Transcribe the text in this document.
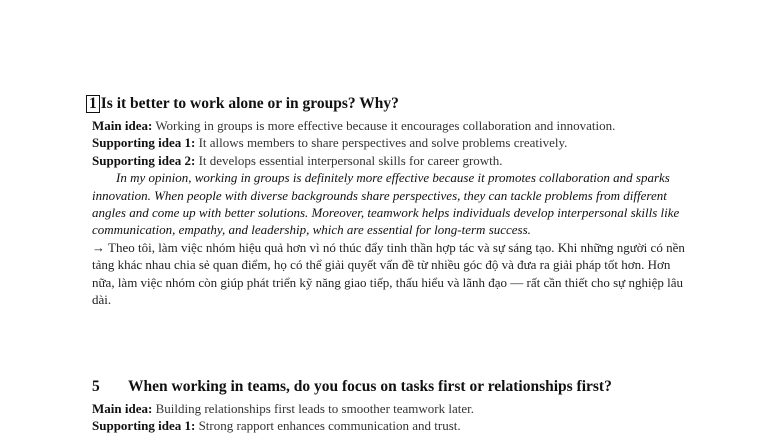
1 Is it better to work alone or in groups? Why?
Main idea: Working in groups is more effective because it encourages collaboration and innovation.
Supporting idea 1: It allows members to share perspectives and solve problems creatively.
Supporting idea 2: It develops essential interpersonal skills for career growth.
In my opinion, working in groups is definitely more effective because it promotes collaboration and sparks innovation. When people with diverse backgrounds share perspectives, they can tackle problems from different angles and come up with better solutions. Moreover, teamwork helps individuals develop interpersonal skills like communication, empathy, and leadership, which are essential for long-term success.
→ Theo tôi, làm việc nhóm hiệu quả hơn vì nó thúc đẩy tinh thần hợp tác và sự sáng tạo. Khi những người có nền tảng khác nhau chia sẻ quan điểm, họ có thể giải quyết vấn đề từ nhiều góc độ và đưa ra giải pháp tốt hơn. Hơn nữa, làm việc nhóm còn giúp phát triển kỹ năng giao tiếp, thấu hiểu và lãnh đạo — rất cần thiết cho sự nghiệp lâu dài.
5 When working in teams, do you focus on tasks first or relationships first?
Main idea: Building relationships first leads to smoother teamwork later.
Supporting idea 1: Strong rapport enhances communication and trust.
